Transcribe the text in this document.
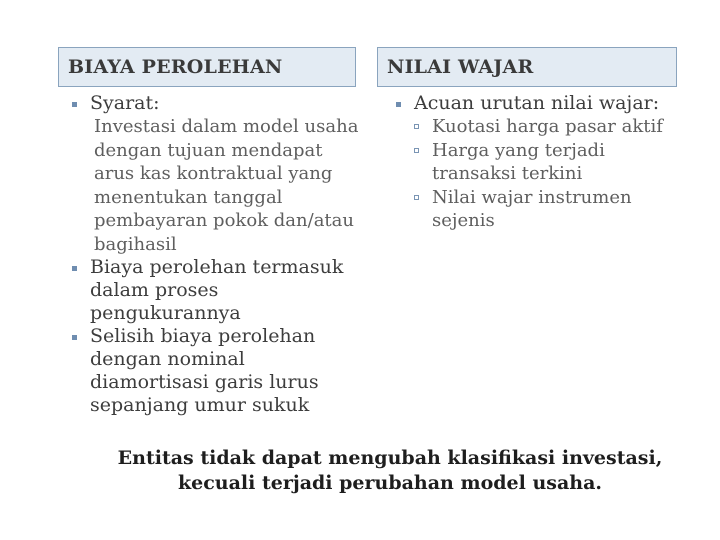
BIAYA PEROLEHAN	NILAI WAJAR
Syarat:
Investasi dalam model usaha dengan tujuan mendapat arus kas kontraktual yang menentukan tanggal pembayaran pokok dan/atau bagihasil
Biaya perolehan termasuk dalam proses pengukurannya
Selisih biaya perolehan dengan nominal diamortisasi garis lurus sepanjang umur sukuk
Acuan urutan nilai wajar:
Kuotasi harga pasar aktif
Harga yang terjadi transaksi terkini
Nilai wajar instrumen sejenis
Entitas tidak dapat mengubah klasifikasi investasi,
kecuali terjadi perubahan model usaha.
